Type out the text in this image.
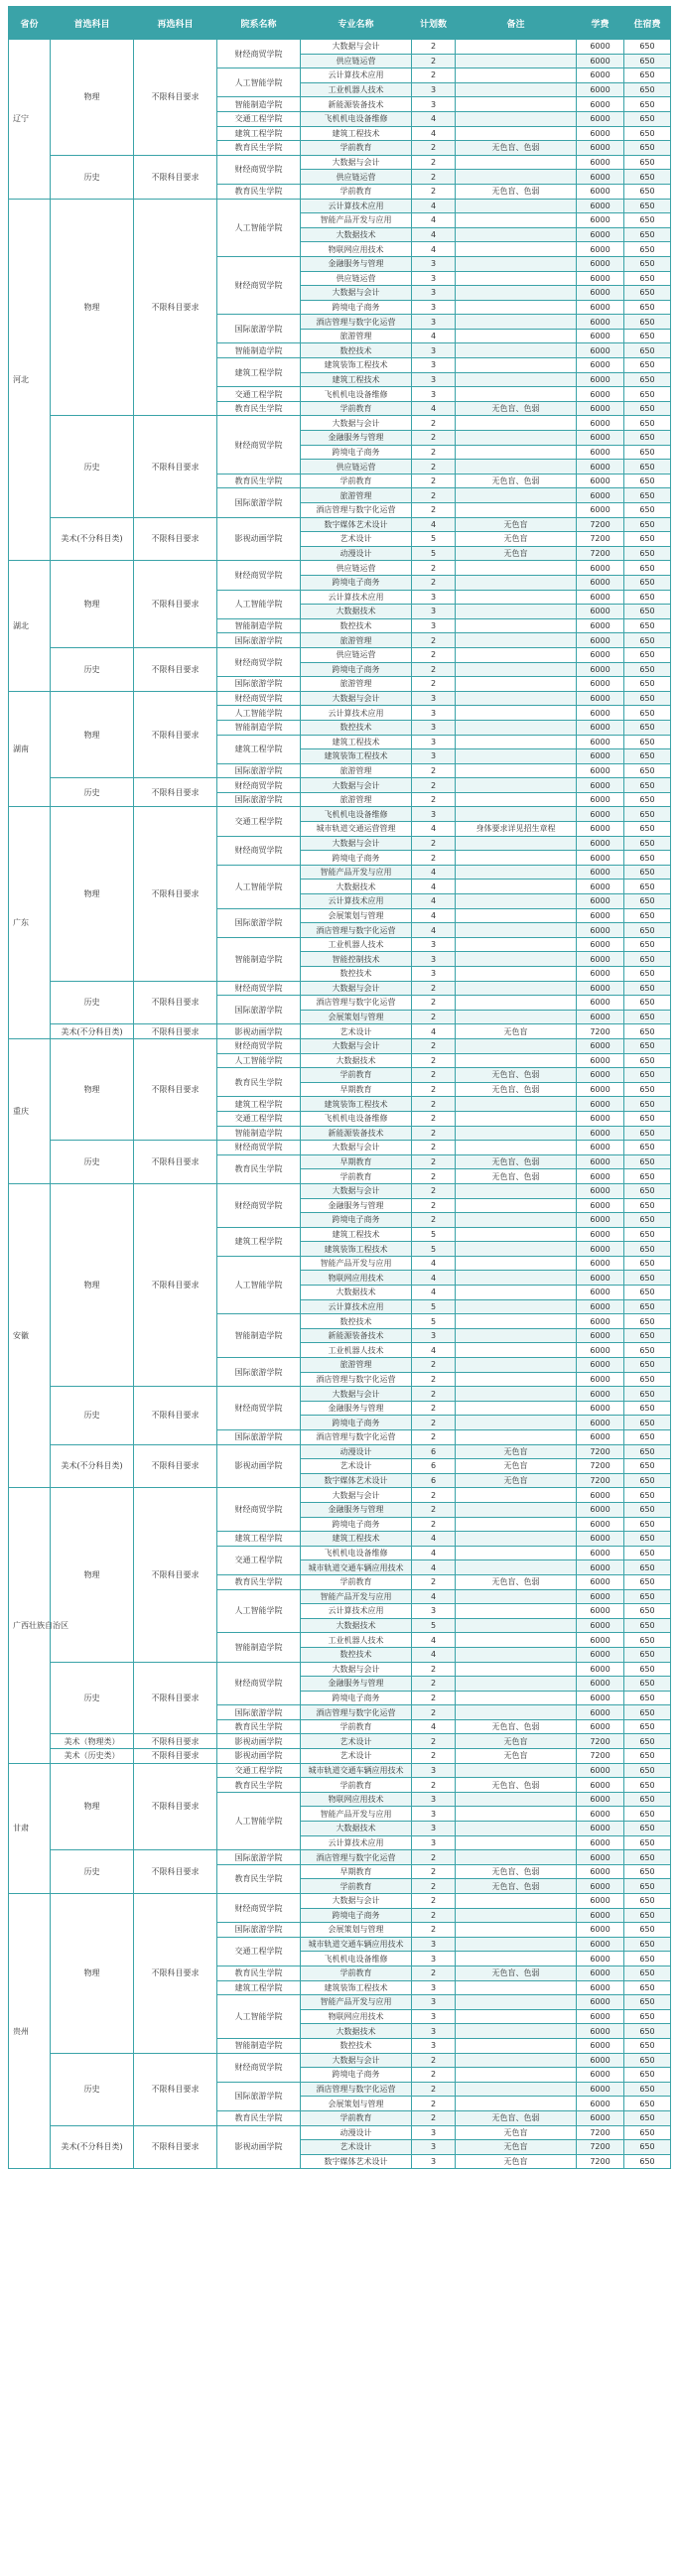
省份	首选科目	再选科目	院系名称	专业名称	计划数	备注	学费	住宿费
辽宁	物理	不限科目要求	财经商贸学院	大数据与会计	2		6000	650
				供应链运营	2		6000	650
			人工智能学院	云计算技术应用	2		6000	650
				工业机器人技术	3		6000	650
			智能制造学院	新能源装备技术	3		6000	650
			交通工程学院	飞机机电设备维修	4		6000	650
			建筑工程学院	建筑工程技术	4		6000	650
			教育民生学院	学前教育	2	无色盲、色弱	6000	650
	历史	不限科目要求	财经商贸学院	大数据与会计	2		6000	650
				供应链运营	2		6000	650
			教育民生学院	学前教育	2	无色盲、色弱	6000	650
河北	物理	不限科目要求	人工智能学院	云计算技术应用	4		6000	650
				智能产品开发与应用	4		6000	650
				大数据技术	4		6000	650
				物联网应用技术	4		6000	650
			财经商贸学院	金融服务与管理	3		6000	650
				供应链运营	3		6000	650
				大数据与会计	3		6000	650
				跨境电子商务	3		6000	650
			国际旅游学院	酒店管理与数字化运营	3		6000	650
				旅游管理	4		6000	650
			智能制造学院	数控技术	3		6000	650
			建筑工程学院	建筑装饰工程技术	3		6000	650
				建筑工程技术	3		6000	650
			交通工程学院	飞机机电设备维修	3		6000	650
			教育民生学院	学前教育	4	无色盲、色弱	6000	650
	历史	不限科目要求	财经商贸学院	大数据与会计	2		6000	650
				金融服务与管理	2		6000	650
				跨境电子商务	2		6000	650
				供应链运营	2		6000	650
			教育民生学院	学前教育	2	无色盲、色弱	6000	650
			国际旅游学院	旅游管理	2		6000	650
				酒店管理与数字化运营	2		6000	650
	美术(不分科目类)	不限科目要求	影视动画学院	数字媒体艺术设计	4	无色盲	7200	650
				艺术设计	5	无色盲	7200	650
				动漫设计	5	无色盲	7200	650
湖北	物理	不限科目要求	财经商贸学院	供应链运营	2		6000	650
				跨境电子商务	2		6000	650
			人工智能学院	云计算技术应用	3		6000	650
				大数据技术	3		6000	650
			智能制造学院	数控技术	3		6000	650
			国际旅游学院	旅游管理	2		6000	650
	历史	不限科目要求	财经商贸学院	供应链运营	2		6000	650
				跨境电子商务	2		6000	650
			国际旅游学院	旅游管理	2		6000	650
湖南	物理	不限科目要求	财经商贸学院	大数据与会计	3		6000	650
			人工智能学院	云计算技术应用	3		6000	650
			智能制造学院	数控技术	3		6000	650
			建筑工程学院	建筑工程技术	3		6000	650
				建筑装饰工程技术	3		6000	650
			国际旅游学院	旅游管理	2		6000	650
	历史	不限科目要求	财经商贸学院	大数据与会计	2		6000	650
			国际旅游学院	旅游管理	2		6000	650
广东	物理	不限科目要求	交通工程学院	飞机机电设备维修	3		6000	650
				城市轨道交通运营管理	4	身体要求详见招生章程	6000	650
			财经商贸学院	大数据与会计	2		6000	650
				跨境电子商务	2		6000	650
			人工智能学院	智能产品开发与应用	4		6000	650
				大数据技术	4		6000	650
				云计算技术应用	4		6000	650
			国际旅游学院	会展策划与管理	4		6000	650
				酒店管理与数字化运营	4		6000	650
			智能制造学院	工业机器人技术	3		6000	650
				智能控制技术	3		6000	650
				数控技术	3		6000	650
	历史	不限科目要求	财经商贸学院	大数据与会计	2		6000	650
			国际旅游学院	酒店管理与数字化运营	2		6000	650
				会展策划与管理	2		6000	650
	美术(不分科目类)	不限科目要求	影视动画学院	艺术设计	4	无色盲	7200	650
重庆	物理	不限科目要求	财经商贸学院	大数据与会计	2		6000	650
			人工智能学院	大数据技术	2		6000	650
			教育民生学院	学前教育	2	无色盲、色弱	6000	650
				早期教育	2	无色盲、色弱	6000	650
			建筑工程学院	建筑装饰工程技术	2		6000	650
			交通工程学院	飞机机电设备维修	2		6000	650
			智能制造学院	新能源装备技术	2		6000	650
	历史	不限科目要求	财经商贸学院	大数据与会计	2		6000	650
			教育民生学院	早期教育	2	无色盲、色弱	6000	650
				学前教育	2	无色盲、色弱	6000	650
安徽	物理	不限科目要求	财经商贸学院	大数据与会计	2		6000	650
				金融服务与管理	2		6000	650
				跨境电子商务	2		6000	650
			建筑工程学院	建筑工程技术	5		6000	650
				建筑装饰工程技术	5		6000	650
			人工智能学院	智能产品开发与应用	4		6000	650
				物联网应用技术	4		6000	650
				大数据技术	4		6000	650
				云计算技术应用	5		6000	650
			智能制造学院	数控技术	5		6000	650
				新能源装备技术	3		6000	650
				工业机器人技术	4		6000	650
			国际旅游学院	旅游管理	2		6000	650
				酒店管理与数字化运营	2		6000	650
	历史	不限科目要求	财经商贸学院	大数据与会计	2		6000	650
				金融服务与管理	2		6000	650
				跨境电子商务	2		6000	650
			国际旅游学院	酒店管理与数字化运营	2		6000	650
	美术(不分科目类)	不限科目要求	影视动画学院	动漫设计	6	无色盲	7200	650
				艺术设计	6	无色盲	7200	650
				数字媒体艺术设计	6	无色盲	7200	650
广西壮族自治区	物理	不限科目要求	财经商贸学院	大数据与会计	2		6000	650
				金融服务与管理	2		6000	650
				跨境电子商务	2		6000	650
			建筑工程学院	建筑工程技术	4		6000	650
			交通工程学院	飞机机电设备维修	4		6000	650
				城市轨道交通车辆应用技术	4		6000	650
			教育民生学院	学前教育	2	无色盲、色弱	6000	650
			人工智能学院	智能产品开发与应用	4		6000	650
				云计算技术应用	3		6000	650
				大数据技术	5		6000	650
			智能制造学院	工业机器人技术	4		6000	650
				数控技术	4		6000	650
	历史	不限科目要求	财经商贸学院	大数据与会计	2		6000	650
				金融服务与管理	2		6000	650
				跨境电子商务	2		6000	650
			国际旅游学院	酒店管理与数字化运营	2		6000	650
			教育民生学院	学前教育	4	无色盲、色弱	6000	650
	美术（物理类）	不限科目要求	影视动画学院	艺术设计	2	无色盲	7200	650
	美术（历史类）	不限科目要求	影视动画学院	艺术设计	2	无色盲	7200	650
甘肃	物理	不限科目要求	交通工程学院	城市轨道交通车辆应用技术	3		6000	650
			教育民生学院	学前教育	2	无色盲、色弱	6000	650
			人工智能学院	物联网应用技术	3		6000	650
				智能产品开发与应用	3		6000	650
				大数据技术	3		6000	650
				云计算技术应用	3		6000	650
	历史	不限科目要求	国际旅游学院	酒店管理与数字化运营	2		6000	650
			教育民生学院	早期教育	2	无色盲、色弱	6000	650
				学前教育	2	无色盲、色弱	6000	650
贵州	物理	不限科目要求	财经商贸学院	大数据与会计	2		6000	650
				跨境电子商务	2		6000	650
			国际旅游学院	会展策划与管理	2		6000	650
			交通工程学院	城市轨道交通车辆应用技术	3		6000	650
				飞机机电设备维修	3		6000	650
			教育民生学院	学前教育	2	无色盲、色弱	6000	650
			建筑工程学院	建筑装饰工程技术	3		6000	650
			人工智能学院	智能产品开发与应用	3		6000	650
				物联网应用技术	3		6000	650
				大数据技术	3		6000	650
			智能制造学院	数控技术	3		6000	650
	历史	不限科目要求	财经商贸学院	大数据与会计	2		6000	650
				跨境电子商务	2		6000	650
			国际旅游学院	酒店管理与数字化运营	2		6000	650
				会展策划与管理	2		6000	650
			教育民生学院	学前教育	2	无色盲、色弱	6000	650
	美术(不分科目类)	不限科目要求	影视动画学院	动漫设计	3	无色盲	7200	650
				艺术设计	3	无色盲	7200	650
				数字媒体艺术设计	3	无色盲	7200	650
